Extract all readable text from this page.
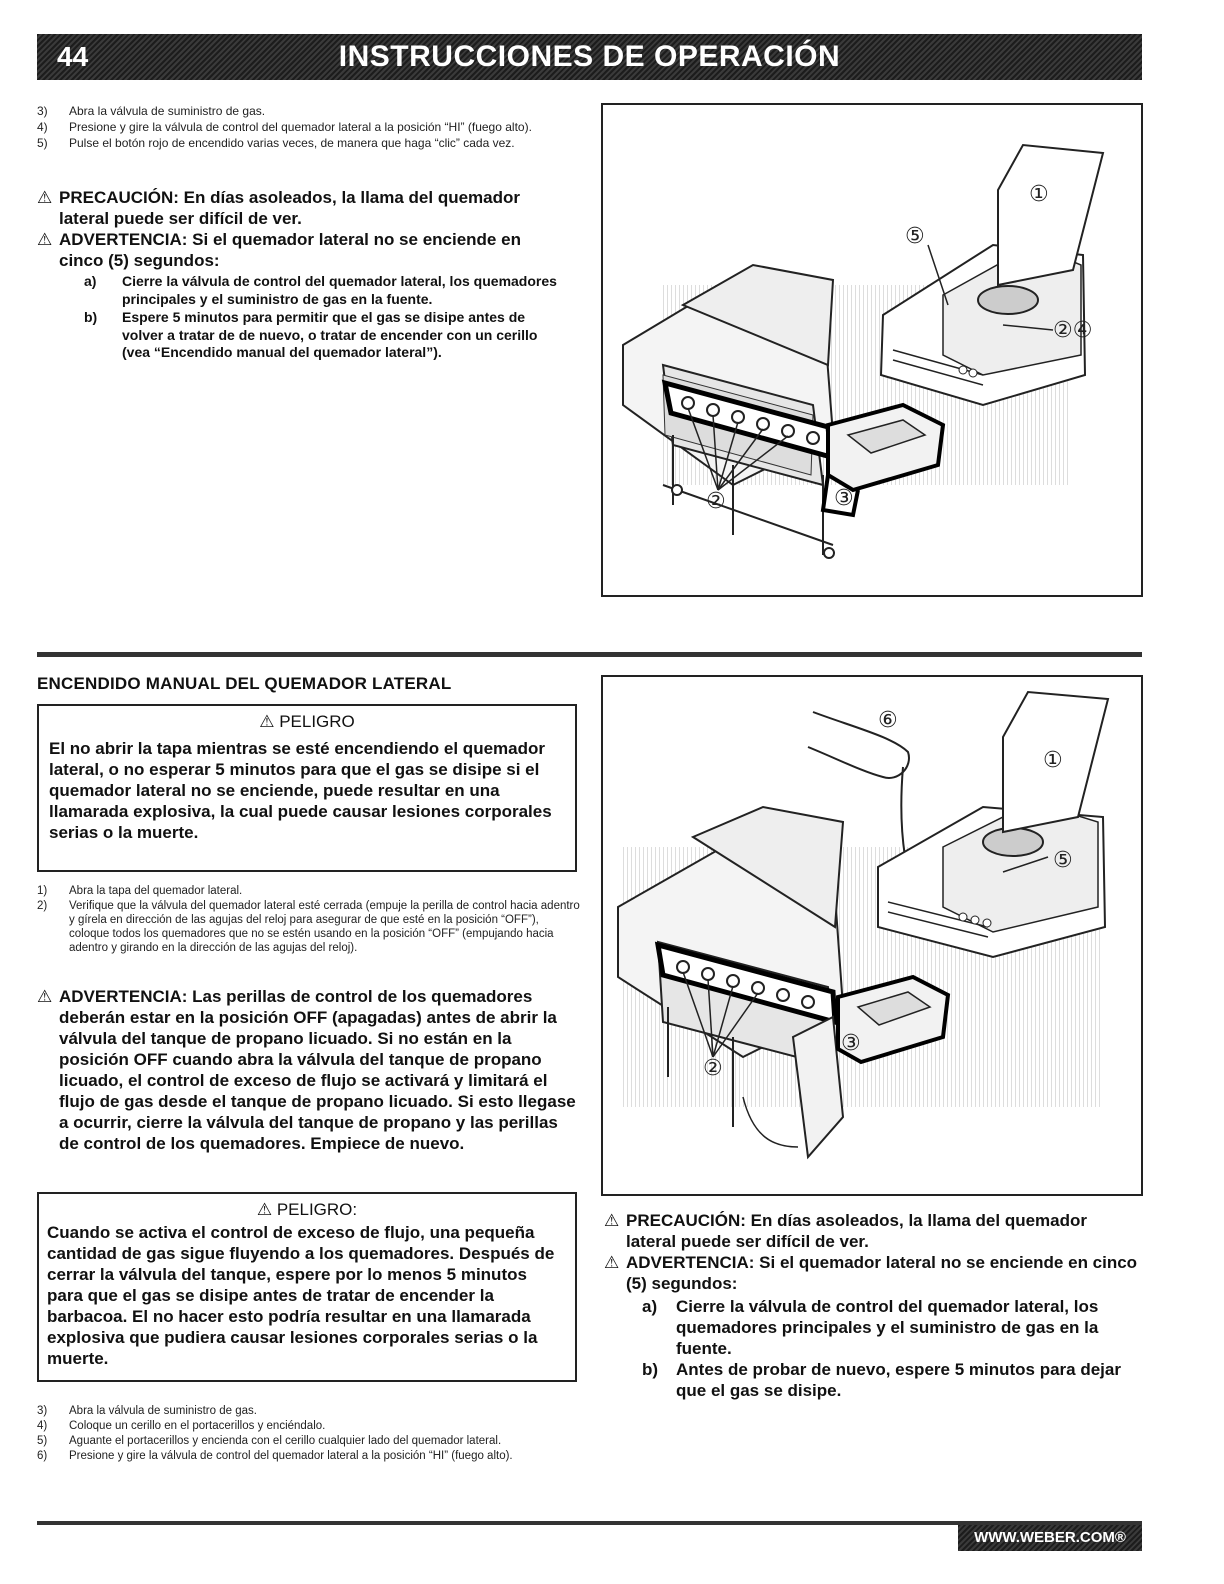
44	INSTRUCCIONES DE OPERACIÓN
3) Abra la válvula de suministro de gas.
4) Presione y gire la válvula de control del quemador lateral a la posición “HI” (fuego alto).
5) Pulse el botón rojo de encendido varias veces, de manera que haga “clic” cada vez.
⚠ PRECAUCIÓN: En días asoleados, la llama del quemador lateral puede ser difícil de ver.
⚠ ADVERTENCIA: Si el quemador lateral no se enciende en cinco (5) segundos:
a) Cierre la válvula de control del quemador lateral, los quemadores principales y el suministro de gas en la fuente.
b) Espere 5 minutos para permitir que el gas se disipe antes de volver a tratar de de nuevo, o tratar de encender con un cerillo (vea “Encendido manual del quemador lateral”).
①
⑤
②④
②	③
ENCENDIDO MANUAL DEL QUEMADOR LATERAL
⚠ PELIGRO
El no abrir la tapa mientras se esté encendiendo el quemador lateral, o no esperar 5 minutos para que el gas se disipe si el quemador lateral no se enciende, puede resultar en una llamarada explosiva, la cual puede causar lesiones corporales serias o la muerte.
1) Abra la tapa del quemador lateral.
2) Verifique que la válvula del quemador lateral esté cerrada (empuje la perilla de control hacia adentro y gírela en dirección de las agujas del reloj para asegurar de que esté en la posición “OFF”), coloque todos los quemadores que no se estén usando en la posición “OFF” (empujando hacia adentro y girando en la dirección de las agujas del reloj).
⚠ ADVERTENCIA: Las perillas de control de los quemadores deberán estar en la posición OFF (apagadas) antes de abrir la válvula del tanque de propano licuado. Si no están en la posición OFF cuando abra la válvula del tanque de propano licuado, el control de exceso de flujo se activará y limitará el flujo de gas desde el tanque de propano licuado. Si esto llegase a ocurrir, cierre la válvula del tanque de propano y las perillas de control de los quemadores. Empiece de nuevo.
⚠ PELIGRO:
Cuando se activa el control de exceso de flujo, una pequeña cantidad de gas sigue fluyendo a los quemadores. Después de cerrar la válvula del tanque, espere por lo menos 5 minutos para que el gas se disipe antes de tratar de encender la barbacoa. El no hacer esto podría resultar en una llamarada explosiva que pudiera causar lesiones corporales serias o la muerte.
3) Abra la válvula de suministro de gas.
4) Coloque un cerillo en el portacerillos y enciéndalo.
5) Aguante el portacerillos y encienda con el cerillo cualquier lado del quemador lateral.
6) Presione y gire la válvula de control del quemador lateral a la posición “HI” (fuego alto).
⑥
①
⑤
②
③
⚠ PRECAUCIÓN: En días asoleados, la llama del quemador lateral puede ser difícil de ver.
⚠ ADVERTENCIA: Si el quemador lateral no se enciende en cinco (5) segundos:
a) Cierre la válvula de control del quemador lateral, los quemadores principales y el suministro de gas en la fuente.
b) Antes de probar de nuevo, espere 5 minutos para dejar que el gas se disipe.
WWW.WEBER.COM®
